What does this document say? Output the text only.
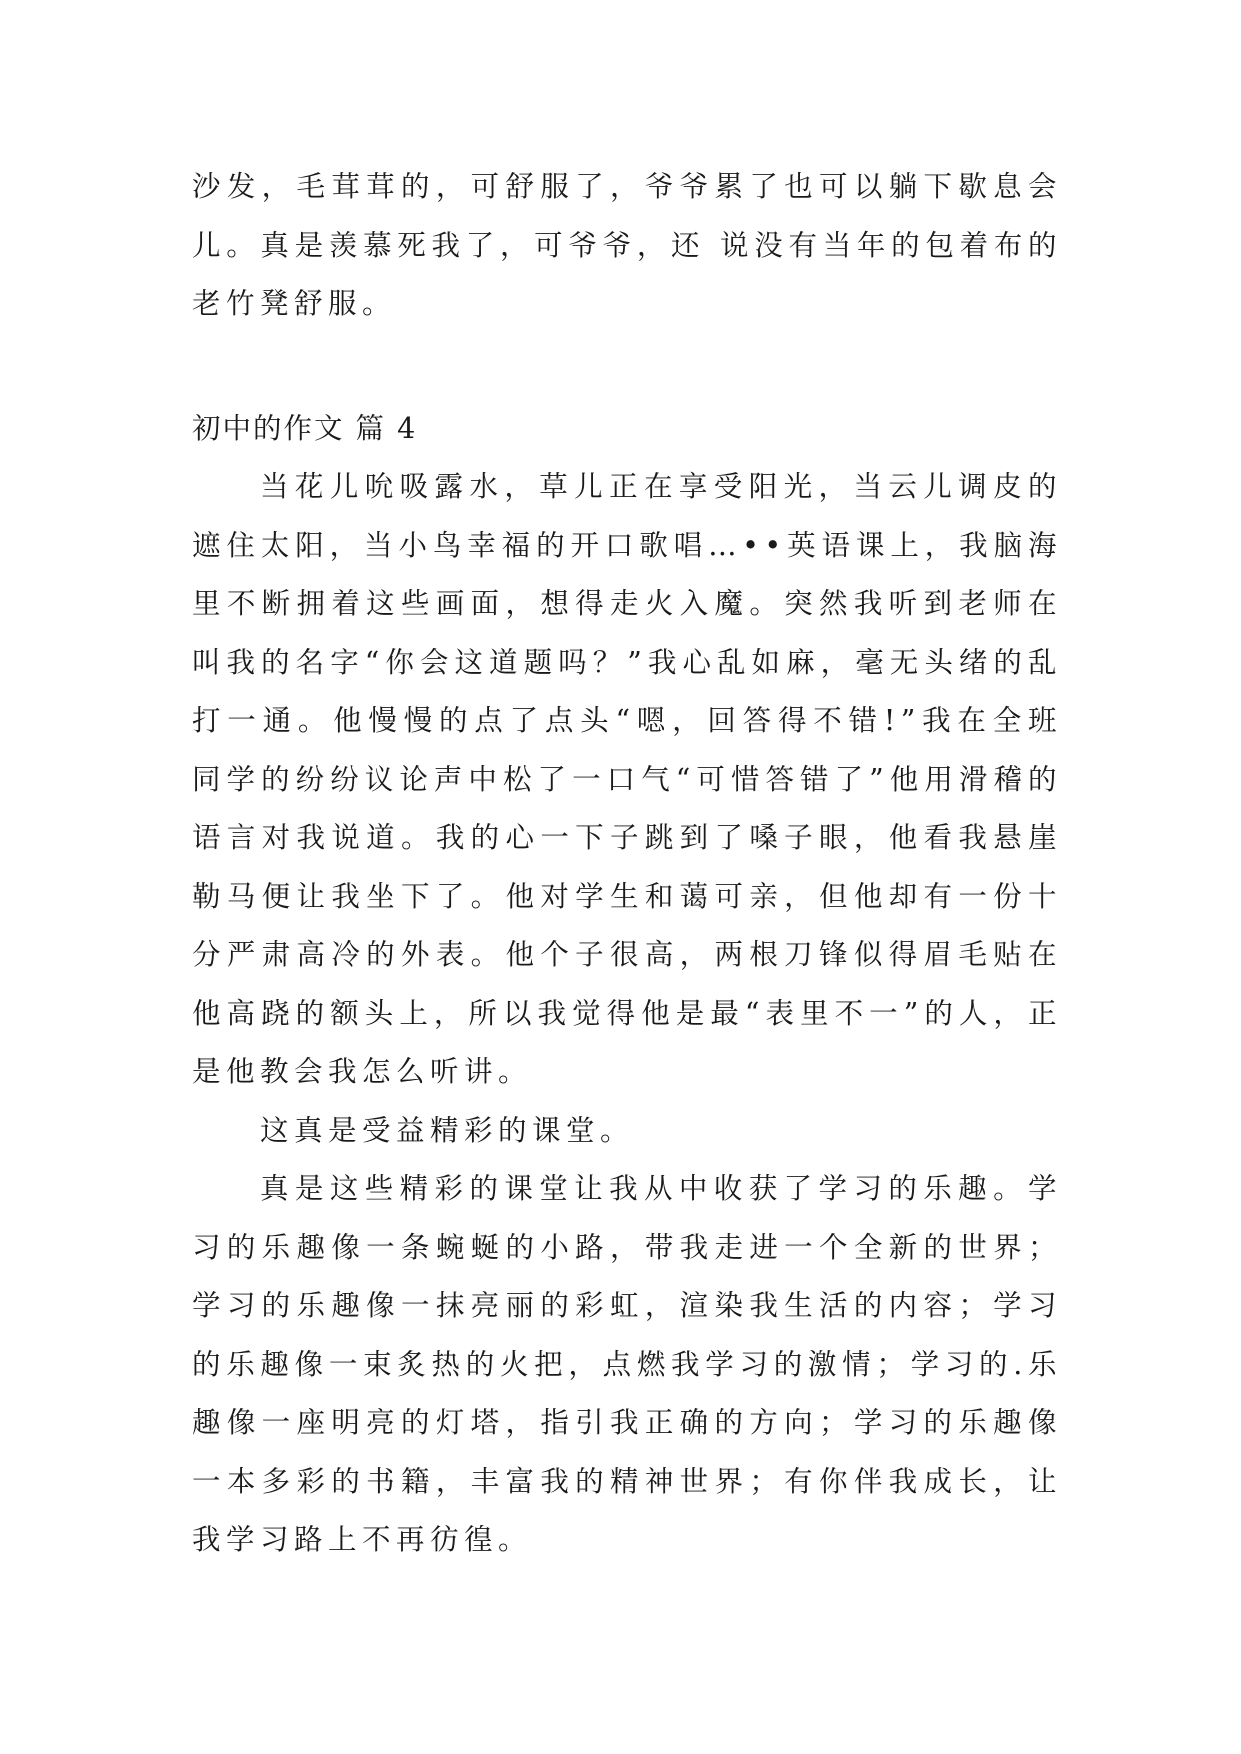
沙发，毛茸茸的，可舒服了，爷爷累了也可以躺下歇息会儿。真是羡慕死我了，可爷爷，还 说没有当年的包着布的老竹凳舒服。

初中的作文 篇 4

当花儿吮吸露水，草儿正在享受阳光，当云儿调皮的遮住太阳，当小鸟幸福的开口歌唱…••英语课上，我脑海里不断拥着这些画面，想得走火入魔。突然我听到老师在叫我的名字“你会这道题吗？”我心乱如麻，毫无头绪的乱打一通。他慢慢的点了点头“嗯，回答得不错!”我在全班同学的纷纷议论声中松了一口气“可惜答错了”他用滑稽的语言对我说道。我的心一下子跳到了嗓子眼，他看我悬崖勒马便让我坐下了。他对学生和蔼可亲，但他却有一份十分严肃高冷的外表。他个子很高，两根刀锋似得眉毛贴在他高跷的额头上，所以我觉得他是最“表里不一”的人，正是他教会我怎么听讲。

这真是受益精彩的课堂。

真是这些精彩的课堂让我从中收获了学习的乐趣。学习的乐趣像一条蜿蜒的小路，带我走进一个全新的世界；学习的乐趣像一抹亮丽的彩虹，渲染我生活的内容；学习的乐趣像一束炙热的火把，点燃我学习的激情；学习的.乐趣像一座明亮的灯塔，指引我正确的方向；学习的乐趣像一本多彩的书籍，丰富我的精神世界；有你伴我成长，让我学习路上不再彷徨。
